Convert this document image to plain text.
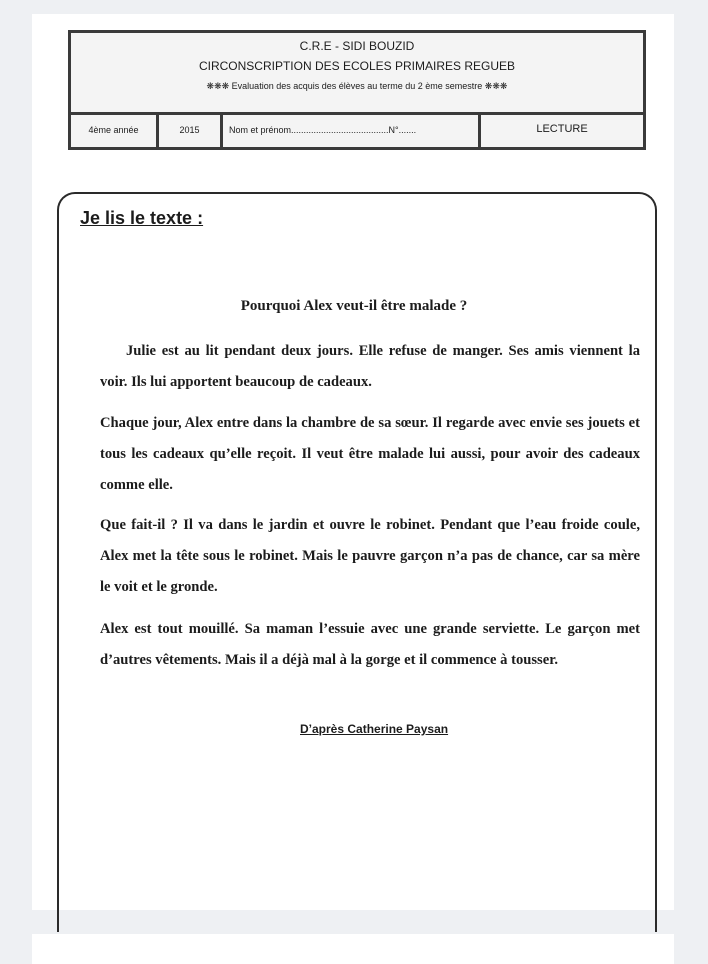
C.R.E - SIDI BOUZID
CIRCONSCRIPTION DES ECOLES PRIMAIRES REGUEB
❋❋❋ Evaluation des acquis des élèves au terme du 2 ème semestre ❋❋❋
4ème année	2015	Nom et prénom.......................................N°.......	LECTURE
Je lis le texte :
Pourquoi Alex veut-il être malade ?

Julie est au lit pendant deux jours. Elle refuse de manger. Ses amis viennent la voir. Ils lui apportent beaucoup de cadeaux.

Chaque jour, Alex entre dans la chambre de sa sœur. Il regarde avec envie ses jouets et tous les cadeaux qu’elle reçoit. Il veut être malade lui aussi, pour avoir des cadeaux comme elle.

Que fait-il ? Il va dans le jardin et ouvre le robinet. Pendant que l’eau froide coule, Alex met la tête sous le robinet. Mais le pauvre garçon n’a pas de chance, car sa mère le voit et le gronde.

Alex est tout mouillé. Sa maman l’essuie avec une grande serviette. Le garçon met d’autres vêtements. Mais il a déjà mal à la gorge et il commence à tousser.

D’après Catherine Paysan
